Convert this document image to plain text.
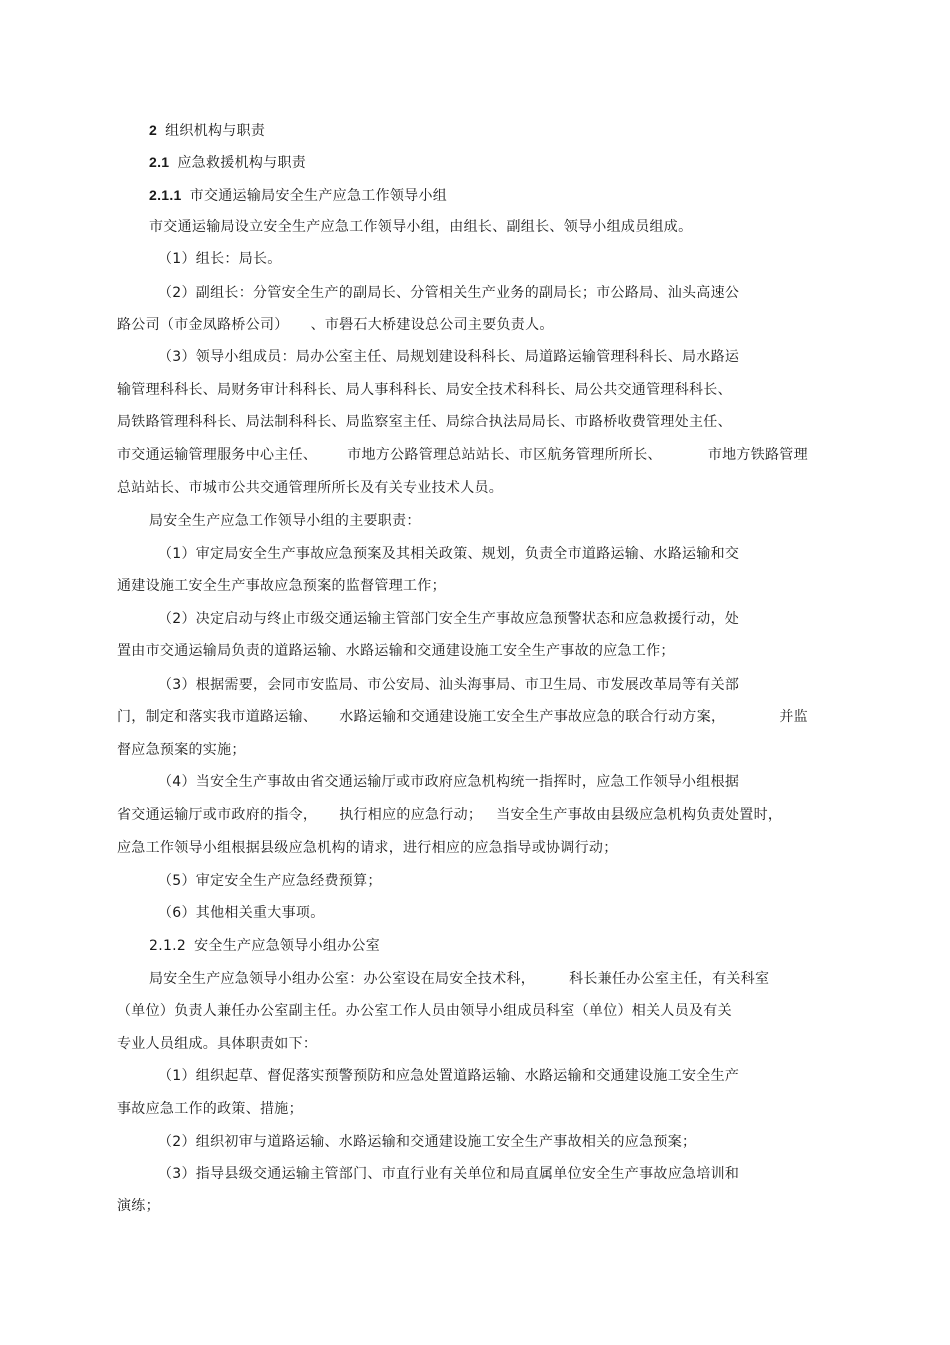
2 组织机构与职责
2.1 应急救援机构与职责
2.1.1 市交通运输局安全生产应急工作领导小组
市交通运输局设立安全生产应急工作领导小组，由组长、副组长、领导小组成员组成。
（1）组长：局长。
（2）副组长：分管安全生产的副局长、分管相关生产业务的副局长；市公路局、汕头高速公
路公司（市金凤路桥公司） 、市礐石大桥建设总公司主要负责人。
（3）领导小组成员：局办公室主任、局规划建设科科长、局道路运输管理科科长、局水路运
输管理科科长、局财务审计科科长、局人事科科长、局安全技术科科长、局公共交通管理科科长、
局铁路管理科科长、局法制科科长、局监察室主任、局综合执法局局长、市路桥收费管理处主任、
市交通运输管理服务中心主任、 市地方公路管理总站站长、市区航务管理所所长、	市地方铁路管理
总站站长、市城市公共交通管理所所长及有关专业技术人员。
局安全生产应急工作领导小组的主要职责：
（1）审定局安全生产事故应急预案及其相关政策、规划，负责全市道路运输、水路运输和交
通建设施工安全生产事故应急预案的监督管理工作；
（2）决定启动与终止市级交通运输主管部门安全生产事故应急预警状态和应急救援行动，处
置由市交通运输局负责的道路运输、水路运输和交通建设施工安全生产事故的应急工作；
（3）根据需要，会同市安监局、市公安局、汕头海事局、市卫生局、市发展改革局等有关部
门，制定和落实我市道路运输、 水路运输和交通建设施工安全生产事故应急的联合行动方案，	并监
督应急预案的实施；
（4）当安全生产事故由省交通运输厅或市政府应急机构统一指挥时，应急工作领导小组根据
省交通运输厅或市政府的指令， 执行相应的应急行动； 当安全生产事故由县级应急机构负责处置时，
应急工作领导小组根据县级应急机构的请求，进行相应的应急指导或协调行动；
（5）审定安全生产应急经费预算；
（6）其他相关重大事项。
2.1.2 安全生产应急领导小组办公室
局安全生产应急领导小组办公室：办公室设在局安全技术科， 科长兼任办公室主任，有关科室
（单位）负责人兼任办公室副主任。办公室工作人员由领导小组成员科室（单位）相关人员及有关
专业人员组成。具体职责如下：
（1）组织起草、督促落实预警预防和应急处置道路运输、水路运输和交通建设施工安全生产
事故应急工作的政策、措施；
（2）组织初审与道路运输、水路运输和交通建设施工安全生产事故相关的应急预案；
（3）指导县级交通运输主管部门、市直行业有关单位和局直属单位安全生产事故应急培训和
演练；
